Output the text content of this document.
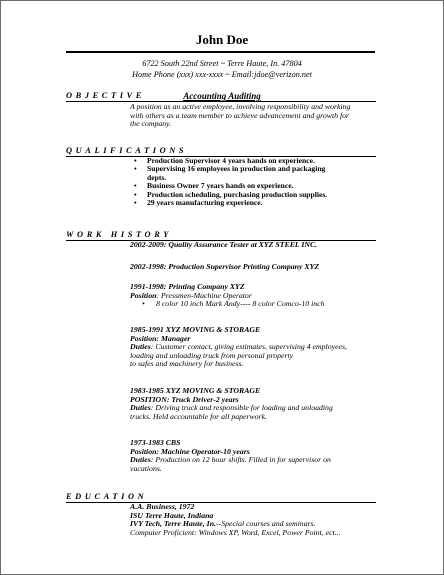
John Doe
6722 South 22nd Street ~ Terre Haute, In. 47804
Home Phone (xxx) xxx-xxxx ~ Email:jdoe@verizon.net
OBJECTIVE	Accounting Auditing
A position as an active employee, involving responsibility and working
with others as a team member to achieve advancement and growth for
the company.
QUALIFICATIONS
• Production Supervisor 4 years hands on experience.
• Supervising 16 employees in production and packaging
depts.
• Business Owner 7 years hands on experience.
• Production scheduling, purchasing production supplies.
• 29 years manufacturing experience.
WORK HISTORY
2002-2009: Quality Assurance Tester at XYZ STEEL INC.
2002-1998: Production Supervisor Printing Company XYZ
1991-1998: Printing Company XYZ
Position: Pressmen-Machine Operator
• 8 color 10 inch Mark Andy---- 8 color Comco-10 inch
1985-1991 XYZ MOVING & STORAGE
Position: Manager
Duties: Customer contact, giving estimates, supervising 4 employees,
loading and unloading truck from personal property
to safes and machinery for business.
1983-1985 XYZ MOVING & STORAGE
POSITION: Truck Driver-2 years
Duties: Driving truck and responsible for loading and unloading
trucks. Held accountable for all paperwork.
1973-1983 CBS
Position: Machine Operator-10 years
Duties: Production on 12 hour shifts. Filled in for supervisor on
vacations.
EDUCATION
A.A. Business, 1972
ISU Terre Haute, Indiana
IVY Tech, Terre Haute, In.--Special courses and seminars.
Computer Proficient: Windows XP, Word, Excel, Power Point, ect...
